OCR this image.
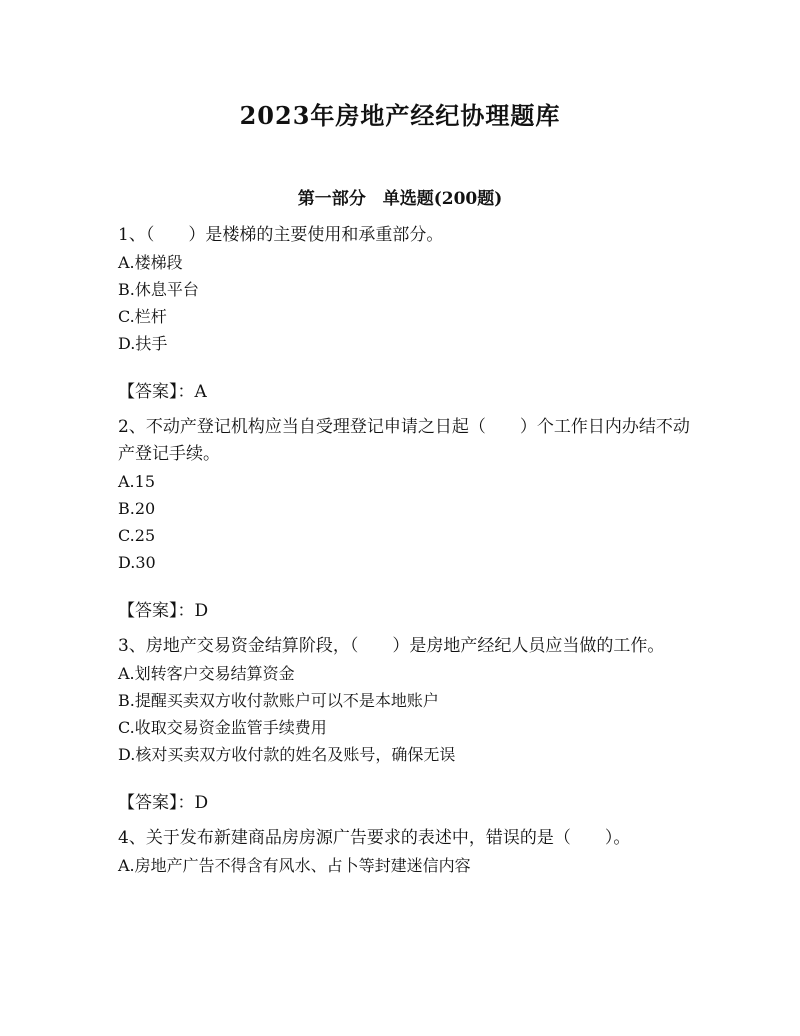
2023年房地产经纪协理题库
第一部分　单选题(200题)

1、（　　）是楼梯的主要使用和承重部分。

A.楼梯段

B.休息平台

C.栏杆

D.扶手

【答案】：A

2、不动产登记机构应当自受理登记申请之日起（　　）个工作日内办结不动产登记手续。

A.15

B.20

C.25

D.30

【答案】：D

3、房地产交易资金结算阶段，（　　）是房地产经纪人员应当做的工作。

A.划转客户交易结算资金

B.提醒买卖双方收付款账户可以不是本地账户

C.收取交易资金监管手续费用

D.核对买卖双方收付款的姓名及账号，确保无误

【答案】：D

4、关于发布新建商品房房源广告要求的表述中，错误的是（　　）。

A.房地产广告不得含有风水、占卜等封建迷信内容
